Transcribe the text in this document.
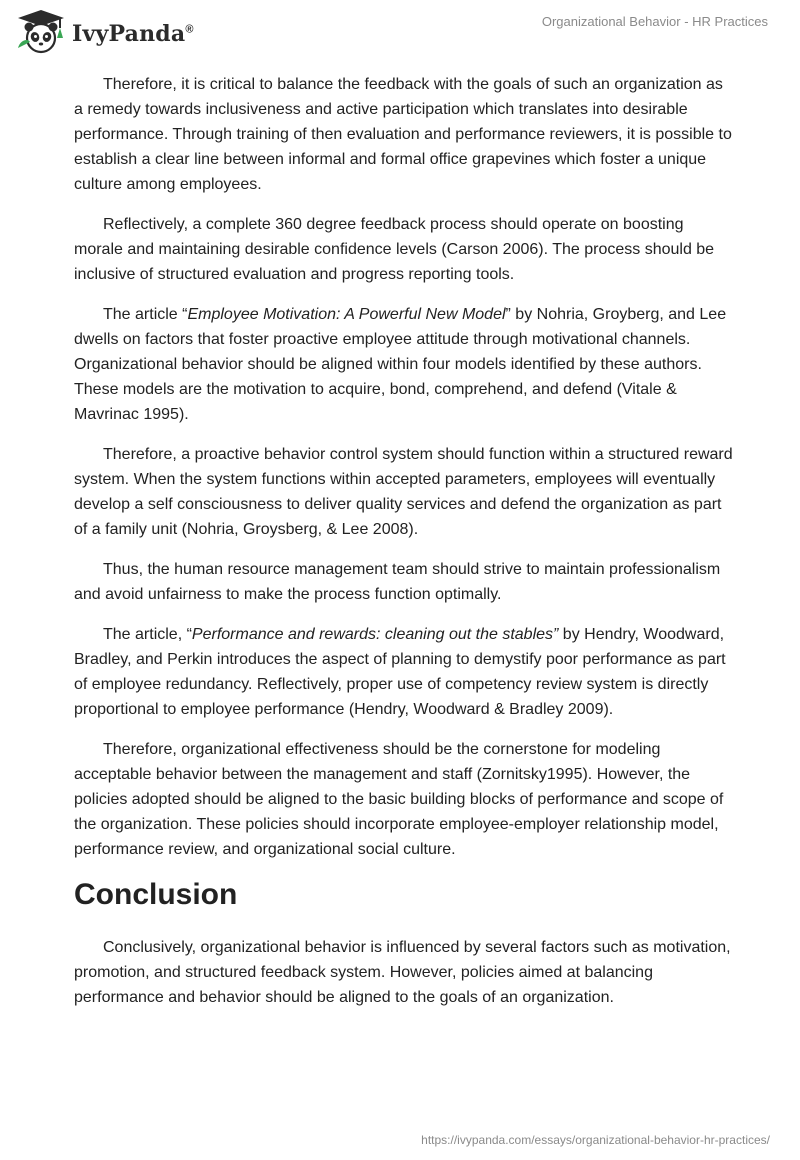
IvyPanda®
Organizational Behavior - HR Practices

Therefore, it is critical to balance the feedback with the goals of such an organization as a remedy towards inclusiveness and active participation which translates into desirable performance. Through training of then evaluation and performance reviewers, it is possible to establish a clear line between informal and formal office grapevines which foster a unique culture among employees.

Reflectively, a complete 360 degree feedback process should operate on boosting morale and maintaining desirable confidence levels (Carson 2006). The process should be inclusive of structured evaluation and progress reporting tools.

The article “Employee Motivation: A Powerful New Model” by Nohria, Groyberg, and Lee dwells on factors that foster proactive employee attitude through motivational channels. Organizational behavior should be aligned within four models identified by these authors. These models are the motivation to acquire, bond, comprehend, and defend (Vitale & Mavrinac 1995).

Therefore, a proactive behavior control system should function within a structured reward system. When the system functions within accepted parameters, employees will eventually develop a self consciousness to deliver quality services and defend the organization as part of a family unit (Nohria, Groysberg, & Lee 2008).

Thus, the human resource management team should strive to maintain professionalism and avoid unfairness to make the process function optimally.

The article, “Performance and rewards: cleaning out the stables” by Hendry, Woodward, Bradley, and Perkin introduces the aspect of planning to demystify poor performance as part of employee redundancy. Reflectively, proper use of competency review system is directly proportional to employee performance (Hendry, Woodward & Bradley 2009).

Therefore, organizational effectiveness should be the cornerstone for modeling acceptable behavior between the management and staff (Zornitsky1995). However, the policies adopted should be aligned to the basic building blocks of performance and scope of the organization. These policies should incorporate employee-employer relationship model, performance review, and organizational social culture.

Conclusion

Conclusively, organizational behavior is influenced by several factors such as motivation, promotion, and structured feedback system. However, policies aimed at balancing performance and behavior should be aligned to the goals of an organization.

https://ivypanda.com/essays/organizational-behavior-hr-practices/
